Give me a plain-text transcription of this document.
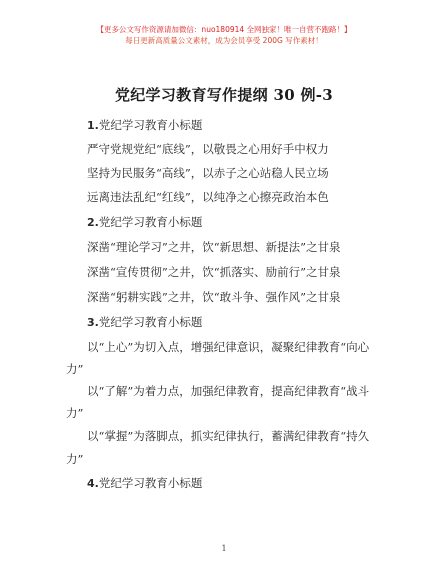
【更多公文写作资源请加微信：nuo180914 全网独家！唯一自营不跑路！】
每日更新高质量公文素材，成为会员享受 200G 写作素材！
党纪学习教育写作提纲 30 例-3
1.党纪学习教育小标题
严守党规党纪“底线”，以敬畏之心用好手中权力
坚持为民服务“高线”，以赤子之心站稳人民立场
远离违法乱纪“红线”，以纯净之心擦亮政治本色
2.党纪学习教育小标题
深凿“理论学习”之井，饮“新思想、新提法”之甘泉
深凿“宣传贯彻”之井，饮“抓落实、励前行”之甘泉
深凿“躬耕实践”之井，饮“敢斗争、强作风”之甘泉
3.党纪学习教育小标题
以“上心”为切入点，增强纪律意识，凝聚纪律教育“向心
力”
以“了解”为着力点，加强纪律教育，提高纪律教育“战斗
力”
以“掌握”为落脚点，抓实纪律执行，蓄满纪律教育“持久
力”
4.党纪学习教育小标题
1
